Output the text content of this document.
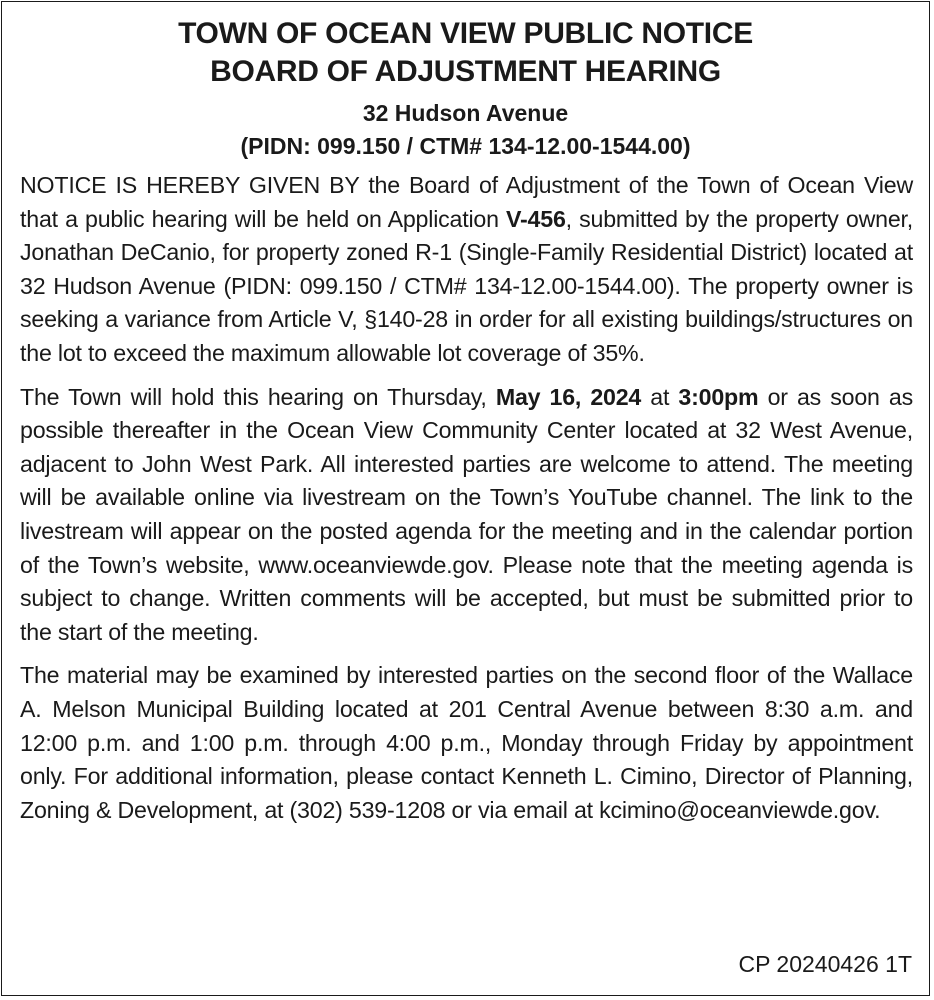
TOWN OF OCEAN VIEW PUBLIC NOTICE
BOARD OF ADJUSTMENT HEARING
32 Hudson Avenue
(PIDN: 099.150 / CTM# 134-12.00-1544.00)

NOTICE IS HEREBY GIVEN BY the Board of Adjustment of the Town of Ocean View that a public hearing will be held on Application V-456, submitted by the property owner, Jonathan DeCanio, for property zoned R-1 (Single-Family Residential District) located at 32 Hudson Avenue (PIDN: 099.150 / CTM# 134-12.00-1544.00). The property owner is seeking a variance from Article V, §140-28 in order for all existing buildings/structures on the lot to exceed the maximum allowable lot coverage of 35%.

The Town will hold this hearing on Thursday, May 16, 2024 at 3:00pm or as soon as possible thereafter in the Ocean View Community Center located at 32 West Avenue, adjacent to John West Park. All interested parties are welcome to attend. The meeting will be available online via livestream on the Town’s YouTube channel. The link to the livestream will appear on the posted agenda for the meeting and in the calendar portion of the Town’s website, www.oceanviewde.gov. Please note that the meeting agenda is subject to change. Written comments will be accepted, but must be submitted prior to the start of the meeting.

The material may be examined by interested parties on the second floor of the Wallace A. Melson Municipal Building located at 201 Central Avenue between 8:30 a.m. and 12:00 p.m. and 1:00 p.m. through 4:00 p.m., Monday through Friday by appointment only. For additional information, please contact Kenneth L. Cimino, Director of Planning, Zoning & Development, at (302) 539-1208 or via email at kcimino@oceanviewde.gov.

CP 20240426 1T
